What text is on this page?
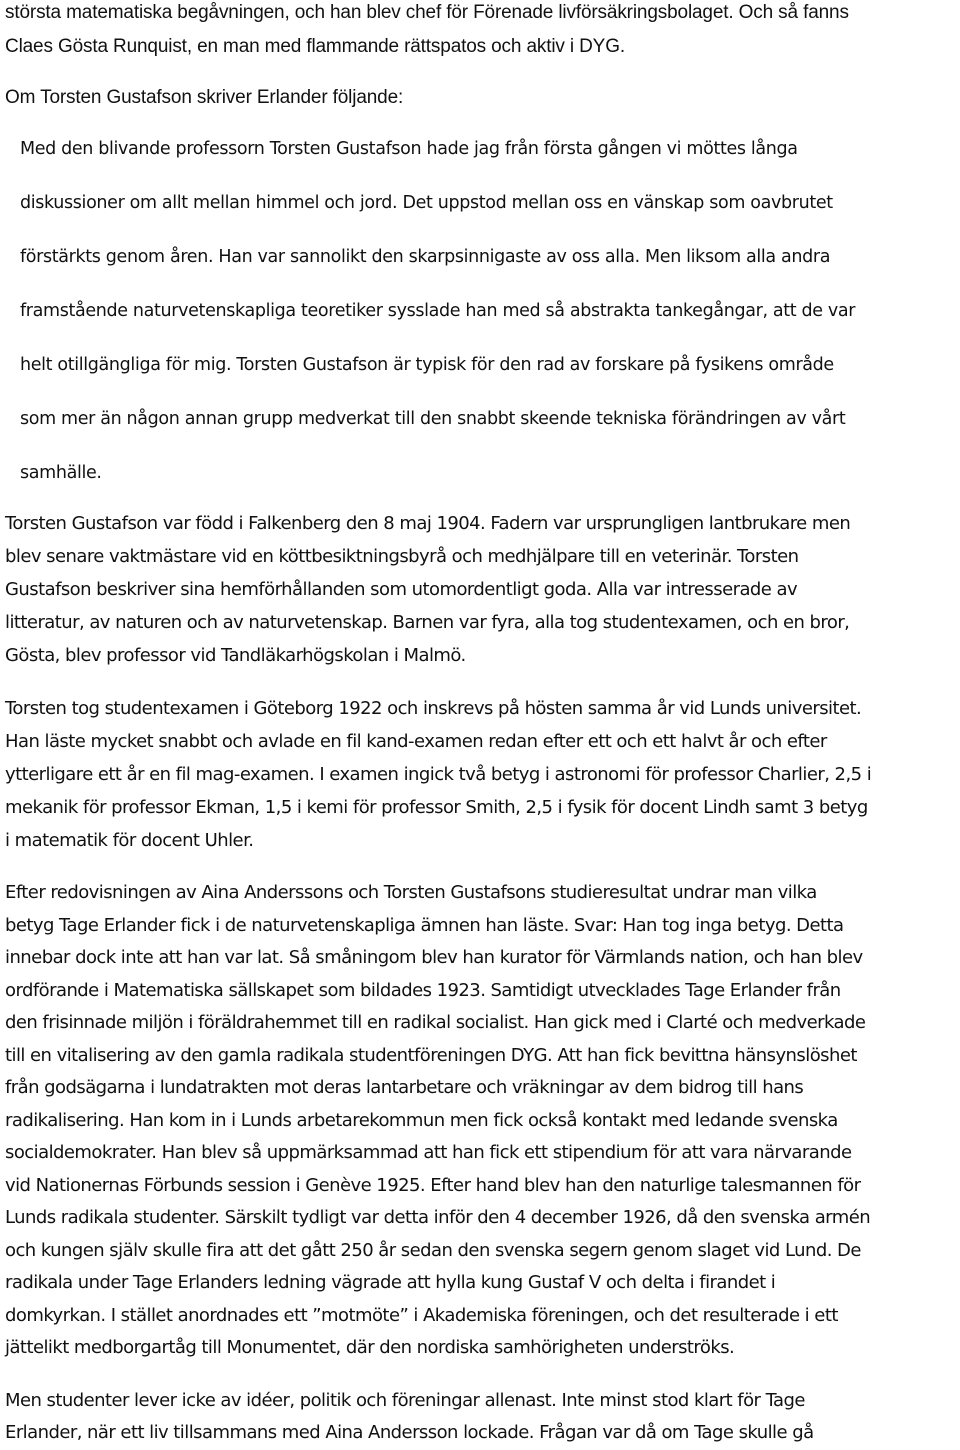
största matematiska begåvningen, och han blev chef för Förenade livförsäkringsbolaget. Och så fanns
Claes Gösta Runquist, en man med flammande rättspatos och aktiv i DYG.
Om Torsten Gustafson skriver Erlander följande:
Med den blivande professorn Torsten Gustafson hade jag från första gången vi möttes långa
diskussioner om allt mellan himmel och jord. Det uppstod mellan oss en vänskap som oavbrutet
förstärkts genom åren. Han var sannolikt den skarpsinnigaste av oss alla. Men liksom alla andra
framstående naturvetenskapliga teoretiker sysslade han med så abstrakta tankegångar, att de var
helt otillgängliga för mig. Torsten Gustafson är typisk för den rad av forskare på fysikens område
som mer än någon annan grupp medverkat till den snabbt skeende tekniska förändringen av vårt
samhälle.
Torsten Gustafson var född i Falkenberg den 8 maj 1904. Fadern var ursprungligen lantbrukare men
blev senare vaktmästare vid en köttbesiktningsbyrå och medhjälpare till en veterinär. Torsten
Gustafson beskriver sina hemförhållanden som utomordentligt goda. Alla var intresserade av
litteratur, av naturen och av naturvetenskap. Barnen var fyra, alla tog studentexamen, och en bror,
Gösta, blev professor vid Tandläkarhögskolan i Malmö.
Torsten tog studentexamen i Göteborg 1922 och inskrevs på hösten samma år vid Lunds universitet.
Han läste mycket snabbt och avlade en fil kand-examen redan efter ett och ett halvt år och efter
ytterligare ett år en fil mag-examen. I examen ingick två betyg i astronomi för professor Charlier, 2,5 i
mekanik för professor Ekman, 1,5 i kemi för professor Smith, 2,5 i fysik för docent Lindh samt 3 betyg
i matematik för docent Uhler.
Efter redovisningen av Aina Anderssons och Torsten Gustafsons studieresultat undrar man vilka
betyg Tage Erlander fick i de naturvetenskapliga ämnen han läste. Svar: Han tog inga betyg. Detta
innebar dock inte att han var lat. Så småningom blev han kurator för Värmlands nation, och han blev
ordförande i Matematiska sällskapet som bildades 1923. Samtidigt utvecklades Tage Erlander från
den frisinnade miljön i föräldrahemmet till en radikal socialist. Han gick med i Clarté och medverkade
till en vitalisering av den gamla radikala studentföreningen DYG. Att han fick bevittna hänsynslöshet
från godsägarna i lundatrakten mot deras lantarbetare och vräkningar av dem bidrog till hans
radikalisering. Han kom in i Lunds arbetarekommun men fick också kontakt med ledande svenska
socialdemokrater. Han blev så uppmärksammad att han fick ett stipendium för att vara närvarande
vid Nationernas Förbunds session i Genève 1925. Efter hand blev han den naturlige talesmannen för
Lunds radikala studenter. Särskilt tydligt var detta inför den 4 december 1926, då den svenska armén
och kungen själv skulle fira att det gått 250 år sedan den svenska segern genom slaget vid Lund. De
radikala under Tage Erlanders ledning vägrade att hylla kung Gustaf V och delta i firandet i
domkyrkan. I stället anordnades ett ”motmöte” i Akademiska föreningen, och det resulterade i ett
jättelikt medborgartåg till Monumentet, där den nordiska samhörigheten underströks.
Men studenter lever icke av idéer, politik och föreningar allenast. Inte minst stod klart för Tage
Erlander, när ett liv tillsammans med Aina Andersson lockade. Frågan var då om Tage skulle gå
